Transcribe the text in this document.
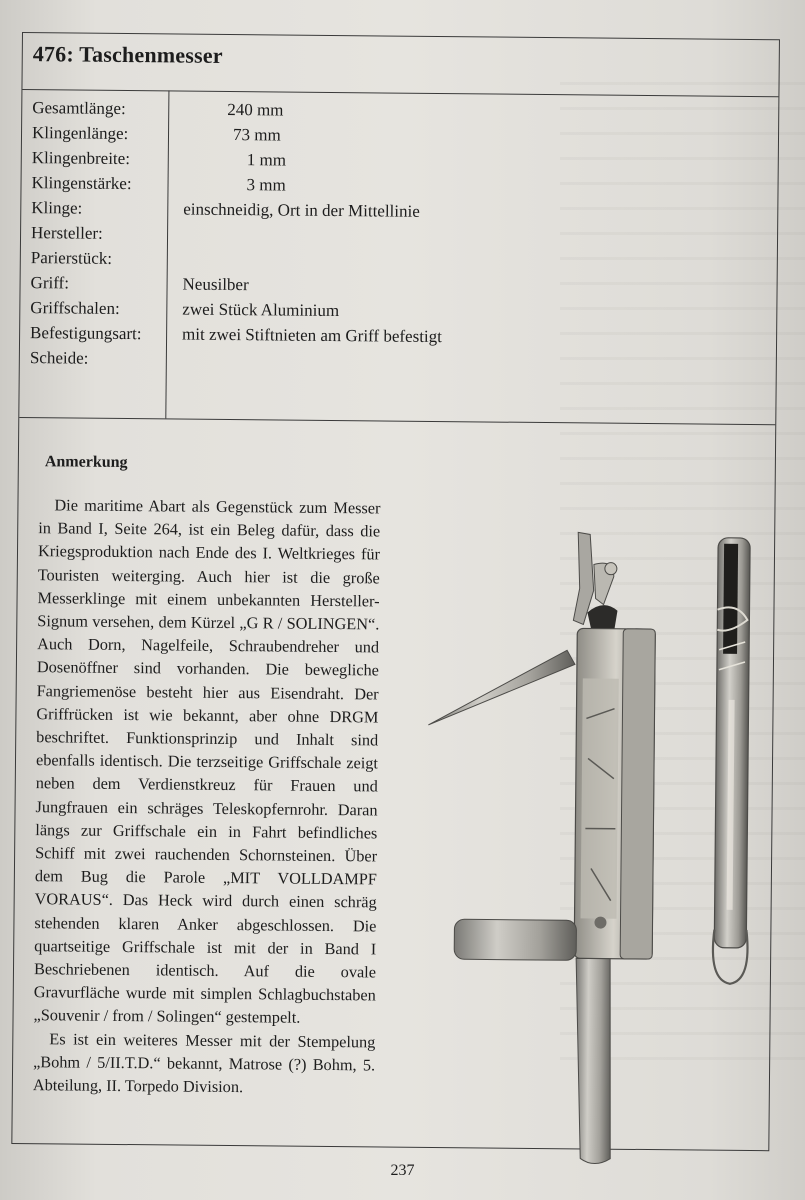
476: Taschenmesser
Gesamtlänge:	240 mm
Klingenlänge:	73 mm
Klingenbreite:	1 mm
Klingenstärke:	3 mm
Klinge:	einschneidig, Ort in der Mittellinie
Hersteller:
Parierstück:
Griff:	Neusilber
Griffschalen:	zwei Stück Aluminium
Befestigungsart: mit zwei Stiftnieten am Griff befestigt
Scheide:
Anmerkung

Die maritime Abart als Gegenstück zum Messer in Band I, Seite 264, ist ein Beleg dafür, dass die Kriegsproduktion nach Ende des I. Weltkrieges für Touristen weiterging. Auch hier ist die große Messerklinge mit einem unbekannten Hersteller-Signum versehen, dem Kürzel „G R / SOLINGEN“. Auch Dorn, Nagelfeile, Schraubendreher und Dosenöffner sind vorhanden. Die bewegliche Fangriemenöse besteht hier aus Eisendraht. Der Griffrücken ist wie bekannt, aber ohne DRGM beschriftet. Funktionsprinzip und Inhalt sind ebenfalls identisch. Die terzseitige Griffschale zeigt neben dem Verdienstkreuz für Frauen und Jungfrauen ein schräges Teleskopfernrohr. Daran längs zur Griffschale ein in Fahrt befindliches Schiff mit zwei rauchenden Schornsteinen. Über dem Bug die Parole „MIT VOLLDAMPF VORAUS“. Das Heck wird durch einen schräg stehenden klaren Anker abgeschlossen. Die quartseitige Griffschale ist mit der in Band I Beschriebenen identisch. Auf die ovale Gravurfläche wurde mit simplen Schlagbuchstaben „Souvenir / from / Solingen“ gestempelt.

Es ist ein weiteres Messer mit der Stempelung „Bohm / 5/II.T.D.“ bekannt, Matrose (?) Bohm, 5. Abteilung, II. Torpedo Division.

237
